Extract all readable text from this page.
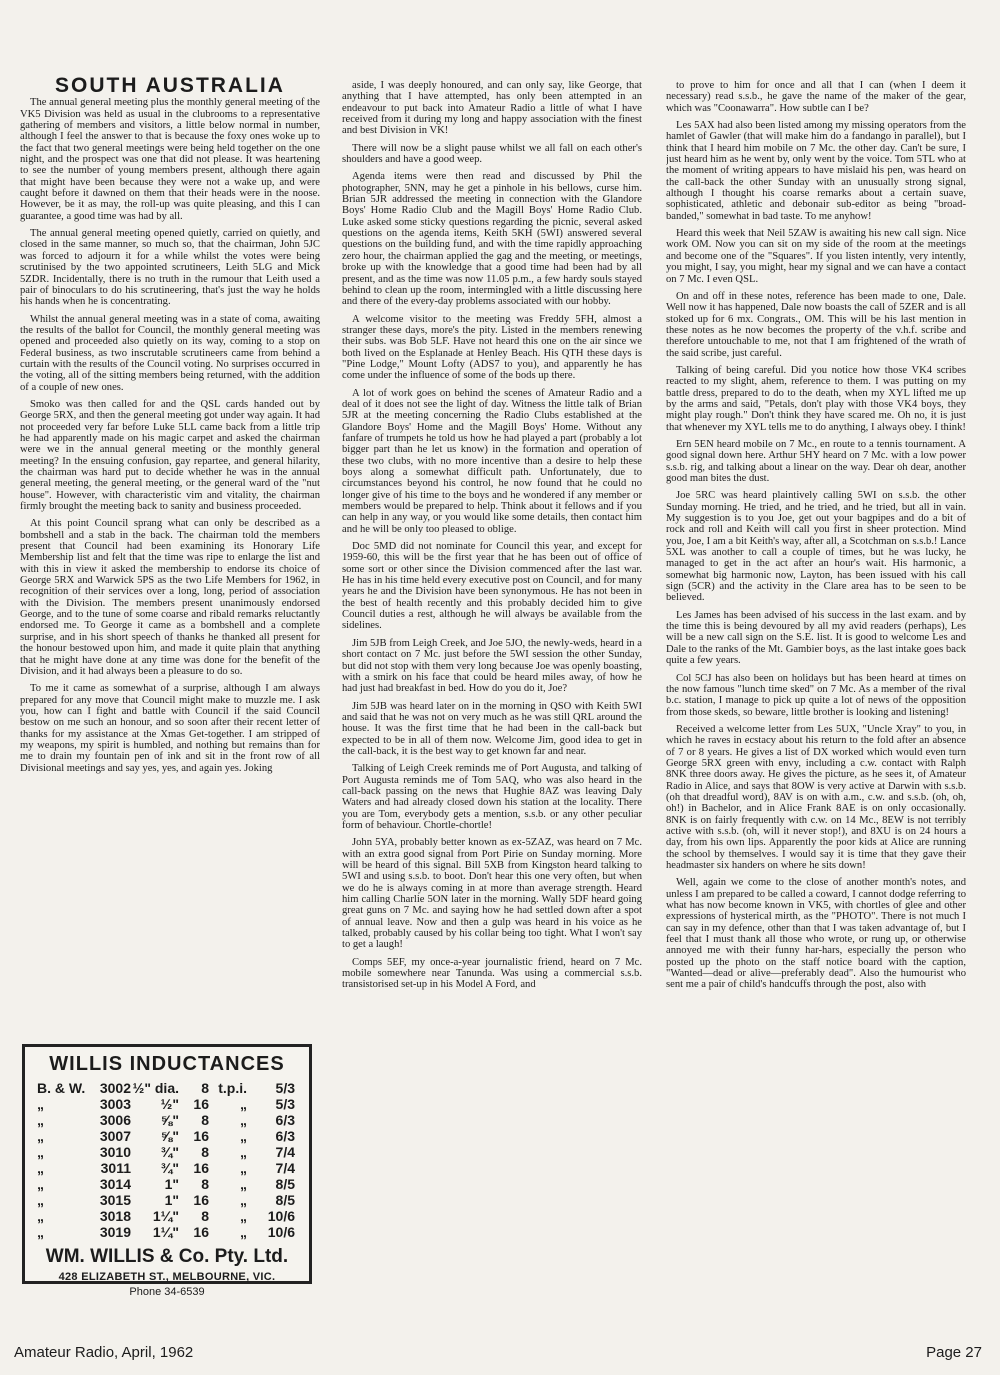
SOUTH AUSTRALIA

The annual general meeting plus the monthly general meeting of the VK5 Division was held as usual in the clubrooms to a representative gathering of members and visitors, a little below normal in number, although I feel the answer to that is because the foxy ones woke up to the fact that two general meetings were being held together on the one night, and the prospect was one that did not please. It was heartening to see the number of young members present, although there again that might have been because they were not a wake up, and were caught before it dawned on them that their heads were in the noose. However, be it as may, the roll-up was quite pleasing, and this I can guarantee, a good time was had by all.

The annual general meeting opened quietly, carried on quietly, and closed in the same manner, so much so, that the chairman, John 5JC was forced to adjourn it for a while whilst the votes were being scrutinised by the two appointed scrutineers, Leith 5LG and Mick 5ZDR. Incidentally, there is no truth in the rumour that Leith used a pair of binoculars to do his scrutineering, that's just the way he holds his hands when he is concentrating.

Whilst the annual general meeting was in a state of coma, awaiting the results of the ballot for Council, the monthly general meeting was opened and proceeded also quietly on its way, coming to a stop on Federal business, as two inscrutable scrutineers came from behind a curtain with the results of the Council voting. No surprises occurred in the voting, all of the sitting members being returned, with the addition of a couple of new ones.

Smoko was then called for and the QSL cards handed out by George 5RX, and then the general meeting got under way again. It had not proceeded very far before Luke 5LL came back from a little trip he had apparently made on his magic carpet and asked the chairman were we in the annual general meeting or the monthly general meeting? In the ensuing confusion, gay repartee, and general hilarity, the chairman was hard put to decide whether he was in the annual general meeting, the general meeting, or the general ward of the "nut house". However, with characteristic vim and vitality, the chairman firmly brought the meeting back to sanity and business proceeded.

At this point Council sprang what can only be described as a bombshell and a stab in the back. The chairman told the members present that Council had been examining its Honorary Life Membership list and felt that the time was ripe to enlarge the list and with this in view it asked the membership to endorse its choice of George 5RX and Warwick 5PS as the two Life Members for 1962, in recognition of their services over a long, long, period of association with the Division. The members present unanimously endorsed George, and to the tune of some coarse and ribald remarks reluctantly endorsed me. To George it came as a bombshell and a complete surprise, and in his short speech of thanks he thanked all present for the honour bestowed upon him, and made it quite plain that anything that he might have done at any time was done for the benefit of the Division, and it had always been a pleasure to do so.

To me it came as somewhat of a surprise, although I am always prepared for any move that Council might make to muzzle me. I ask you, how can I fight and battle with Council if the said Council bestow on me such an honour, and so soon after their recent letter of thanks for my assistance at the Xmas Get-together. I am stripped of my weapons, my spirit is humbled, and nothing but remains than for me to drain my fountain pen of ink and sit in the front row of all Divisional meetings and say yes, yes, and again yes. Joking

aside, I was deeply honoured, and can only say, like George, that anything that I have attempted, has only been attempted in an endeavour to put back into Amateur Radio a little of what I have received from it during my long and happy association with the finest and best Division in VK!

There will now be a slight pause whilst we all fall on each other's shoulders and have a good weep.

Agenda items were then read and discussed by Phil the photographer, 5NN, may he get a pinhole in his bellows, curse him. Brian 5JR addressed the meeting in connection with the Glandore Boys' Home Radio Club and the Magill Boys' Home Radio Club. Luke asked some sticky questions regarding the picnic, several asked questions on the agenda items, Keith 5KH (5WI) answered several questions on the building fund, and with the time rapidly approaching zero hour, the chairman applied the gag and the meeting, or meetings, broke up with the knowledge that a good time had been had by all present, and as the time was now 11.05 p.m., a few hardy souls stayed behind to clean up the room, intermingled with a little discussing here and there of the every-day problems associated with our hobby.

A welcome visitor to the meeting was Freddy 5FH, almost a stranger these days, more's the pity. Listed in the members renewing their subs. was Bob 5LF. Have not heard this one on the air since we both lived on the Esplanade at Henley Beach. His QTH these days is "Pine Lodge," Mount Lofty (ADS7 to you), and apparently he has come under the influence of some of the bods up there.

A lot of work goes on behind the scenes of Amateur Radio and a deal of it does not see the light of day. Witness the little talk of Brian 5JR at the meeting concerning the Radio Clubs established at the Glandore Boys' Home and the Magill Boys' Home. Without any fanfare of trumpets he told us how he had played a part (probably a lot bigger part than he let us know) in the formation and operation of these two clubs, with no more incentive than a desire to help these boys along a somewhat difficult path. Unfortunately, due to circumstances beyond his control, he now found that he could no longer give of his time to the boys and he wondered if any member or members would be prepared to help. Think about it fellows and if you can help in any way, or you would like some details, then contact him and he will be only too pleased to oblige.

Doc 5MD did not nominate for Council this year, and except for 1959-60, this will be the first year that he has been out of office of some sort or other since the Division commenced after the last war. He has in his time held every executive post on Council, and for many years he and the Division have been synonymous. He has not been in the best of health recently and this probably decided him to give Council duties a rest, although he will always be available from the sidelines.

Jim 5JB from Leigh Creek, and Joe 5JO, the newly-weds, heard in a short contact on 7 Mc. just before the 5WI session the other Sunday, but did not stop with them very long because Joe was openly boasting, with a smirk on his face that could be heard miles away, of how he had just had breakfast in bed. How do you do it, Joe?

Jim 5JB was heard later on in the morning in QSO with Keith 5WI and said that he was not on very much as he was still QRL around the house. It was the first time that he had been in the call-back but expected to be in all of them now. Welcome Jim, good idea to get in the call-back, it is the best way to get known far and near.

Talking of Leigh Creek reminds me of Port Augusta, and talking of Port Augusta reminds me of Tom 5AQ, who was also heard in the call-back passing on the news that Hughie 8AZ was leaving Daly Waters and had already closed down his station at the locality. There you are Tom, everybody gets a mention, s.s.b. or any other peculiar form of behaviour. Chortle-chortle!

John 5YA, probably better known as ex-5ZAZ, was heard on 7 Mc. with an extra good signal from Port Pirie on Sunday morning. More will be heard of this signal. Bill 5XB from Kingston heard talking to 5WI and using s.s.b. to boot. Don't hear this one very often, but when we do he is always coming in at more than average strength. Heard him calling Charlie 5ON later in the morning. Wally 5DF heard going great guns on 7 Mc. and saying how he had settled down after a spot of annual leave. Now and then a gulp was heard in his voice as he talked, probably caused by his collar being too tight. What I won't say to get a laugh!

Comps 5EF, my once-a-year journalistic friend, heard on 7 Mc. mobile somewhere near Tanunda. Was using a commercial s.s.b. transistorised set-up in his Model A Ford, and

to prove to him for once and all that I can (when I deem it necessary) read s.s.b., he gave the name of the maker of the gear, which was "Coonawarra". How subtle can I be?

Les 5AX had also been listed among my missing operators from the hamlet of Gawler (that will make him do a fandango in parallel), but I think that I heard him mobile on 7 Mc. the other day. Can't be sure, I just heard him as he went by, only went by the voice. Tom 5TL who at the moment of writing appears to have mislaid his pen, was heard on the call-back the other Sunday with an unusually strong signal, although I thought his coarse remarks about a certain suave, sophisticated, athletic and debonair sub-editor as being "broad-banded," somewhat in bad taste. To me anyhow!

Heard this week that Neil 5ZAW is awaiting his new call sign. Nice work OM. Now you can sit on my side of the room at the meetings and become one of the "Squares". If you listen intently, very intently, you might, I say, you might, hear my signal and we can have a contact on 7 Mc. I even QSL.

On and off in these notes, reference has been made to one, Dale. Well now it has happened, Dale now boasts the call of 5ZER and is all stoked up for 6 mx. Congrats., OM. This will be his last mention in these notes as he now becomes the property of the v.h.f. scribe and therefore untouchable to me, not that I am frightened of the wrath of the said scribe, just careful.

Talking of being careful. Did you notice how those VK4 scribes reacted to my slight, ahem, reference to them. I was putting on my battle dress, prepared to do to the death, when my XYL lifted me up by the arms and said, "Petals, don't play with those VK4 boys, they might play rough." Don't think they have scared me. Oh no, it is just that whenever my XYL tells me to do anything, I always obey. I think!

Ern 5EN heard mobile on 7 Mc., en route to a tennis tournament. A good signal down here. Arthur 5HY heard on 7 Mc. with a low power s.s.b. rig, and talking about a linear on the way. Dear oh dear, another good man bites the dust.

Joe 5RC was heard plaintively calling 5WI on s.s.b. the other Sunday morning. He tried, and he tried, and he tried, but all in vain. My suggestion is to you Joe, get out your bagpipes and do a bit of rock and roll and Keith will call you first in sheer protection. Mind you, Joe, I am a bit Keith's way, after all, a Scotchman on s.s.b.! Lance 5XL was another to call a couple of times, but he was lucky, he managed to get in the act after an hour's wait. His harmonic, a somewhat big harmonic now, Layton, has been issued with his call sign (5CR) and the activity in the Clare area has to be seen to be believed.

Les James has been advised of his success in the last exam. and by the time this is being devoured by all my avid readers (perhaps), Les will be a new call sign on the S.E. list. It is good to welcome Les and Dale to the ranks of the Mt. Gambier boys, as the last intake goes back quite a few years.

Col 5CJ has also been on holidays but has been heard at times on the now famous "lunch time sked" on 7 Mc. As a member of the rival b.c. station, I manage to pick up quite a lot of news of the opposition from those skeds, so beware, little brother is looking and listening!

Received a welcome letter from Les 5UX, "Uncle Xray" to you, in which he raves in ecstacy about his return to the fold after an absence of 7 or 8 years. He gives a list of DX worked which would even turn George 5RX green with envy, including a c.w. contact with Ralph 8NK three doors away. He gives the picture, as he sees it, of Amateur Radio in Alice, and says that 8OW is very active at Darwin with s.s.b. (oh that dreadful word), 8AV is on with a.m., c.w. and s.s.b. (oh, oh, oh!) in Bachelor, and in Alice Frank 8AE is on only occasionally. 8NK is on fairly frequently with c.w. on 14 Mc., 8EW is not terribly active with s.s.b. (oh, will it never stop!), and 8XU is on 24 hours a day, from his own lips. Apparently the poor kids at Alice are running the school by themselves. I would say it is time that they gave their headmaster six handers on where he sits down!

Well, again we come to the close of another month's notes, and unless I am prepared to be called a coward, I cannot dodge referring to what has now become known in VK5, with chortles of glee and other expressions of hysterical mirth, as the "PHOTO". There is not much I can say in my defence, other than that I was taken advantage of, but I feel that I must thank all those who wrote, or rung up, or otherwise annoyed me with their funny har-hars, especially the person who posted up the photo on the staff notice board with the caption, "Wanted—dead or alive—preferably dead". Also the humourist who sent me a pair of child's handcuffs through the post, also with

WILLIS INDUCTANCES
B. & W.	3002 ½" dia.	8 t.p.i.	5/3
„	3003	½"	16	„	5/3
„	3006	⅝"	8	„	6/3
„	3007	⅝"	16	„	6/3
„	3010	¾"	8	„	7/4
„	3011	¾"	16	„	7/4
„	3014	1"	8	„	8/5
„	3015	1"	16	„	8/5
„	3018	1¼"	8	„	10/6
„	3019	1¼"	16	„	10/6
WM. WILLIS & Co. Pty. Ltd.
428 ELIZABETH ST., MELBOURNE, VIC.
Phone 34-6539
Amateur Radio, April, 1962	Page 27
